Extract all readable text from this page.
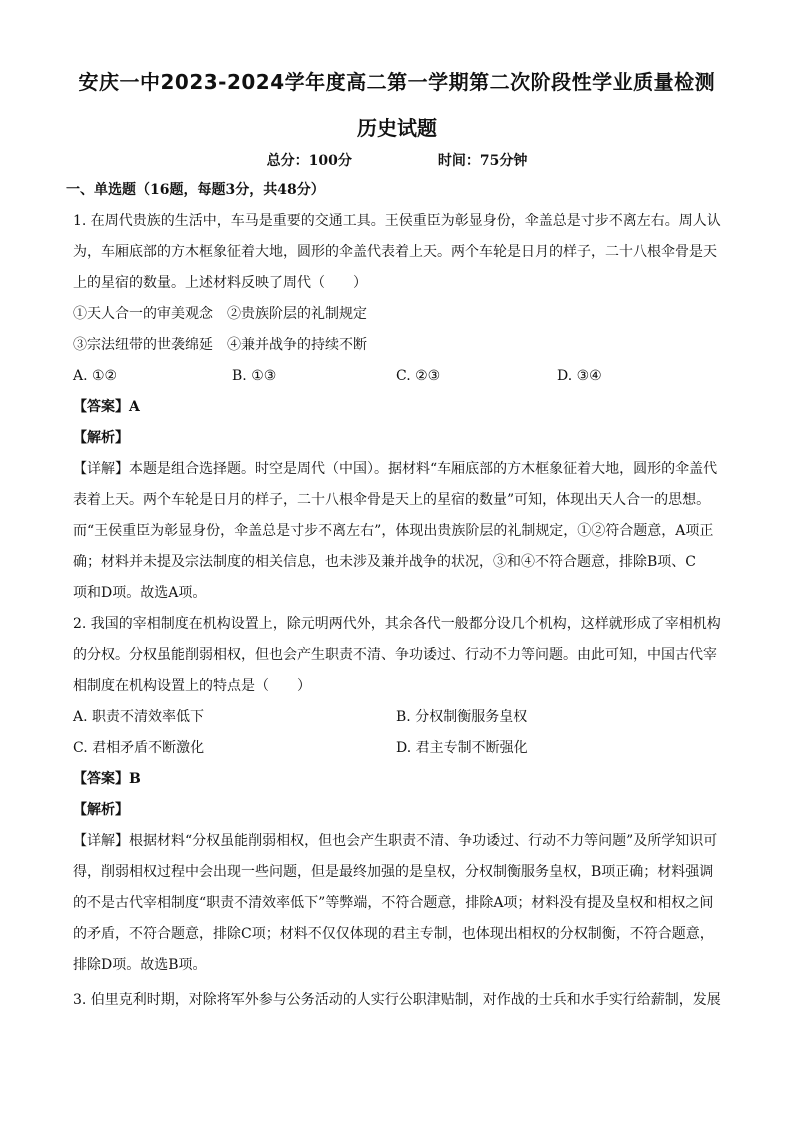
安庆一中2023-2024学年度高二第一学期第二次阶段性学业质量检测
历史试题
总分：100分	时间：75分钟
一、单选题（16题，每题3分，共48分）
1. 在周代贵族的生活中，车马是重要的交通工具。王侯重臣为彰显身份，伞盖总是寸步不离左右。周人认
为，车厢底部的方木框象征着大地，圆形的伞盖代表着上天。两个车轮是日月的样子，二十八根伞骨是天
上的星宿的数量。上述材料反映了周代（　　）
①天人合一的审美观念　②贵族阶层的礼制规定
③宗法纽带的世袭绵延　④兼并战争的持续不断
A. ①②	B. ①③	C. ②③	D. ③④
【答案】A
【解析】
【详解】本题是组合选择题。时空是周代（中国）。据材料“车厢底部的方木框象征着大地，圆形的伞盖代
表着上天。两个车轮是日月的样子，二十八根伞骨是天上的星宿的数量”可知，体现出天人合一的思想。
而“王侯重臣为彰显身份，伞盖总是寸步不离左右”，体现出贵族阶层的礼制规定，①②符合题意，A项正
确；材料并未提及宗法制度的相关信息，也未涉及兼并战争的状况，③和④不符合题意，排除B项、C
项和D项。故选A项。
2. 我国的宰相制度在机构设置上，除元明两代外，其余各代一般都分设几个机构，这样就形成了宰相机构
的分权。分权虽能削弱相权，但也会产生职责不清、争功诿过、行动不力等问题。由此可知，中国古代宰
相制度在机构设置上的特点是（　　）
A. 职责不清效率低下	B. 分权制衡服务皇权
C. 君相矛盾不断激化	D. 君主专制不断强化
【答案】B
【解析】
【详解】根据材料“分权虽能削弱相权，但也会产生职责不清、争功诿过、行动不力等问题”及所学知识可
得，削弱相权过程中会出现一些问题，但是最终加强的是皇权，分权制衡服务皇权，B项正确；材料强调
的不是古代宰相制度“职责不清效率低下”等弊端，不符合题意，排除A项；材料没有提及皇权和相权之间
的矛盾，不符合题意，排除C项；材料不仅仅体现的君主专制，也体现出相权的分权制衡，不符合题意，
排除D项。故选B项。
3. 伯里克利时期，对除将军外参与公务活动的人实行公职津贴制，对作战的士兵和水手实行给薪制，发展
